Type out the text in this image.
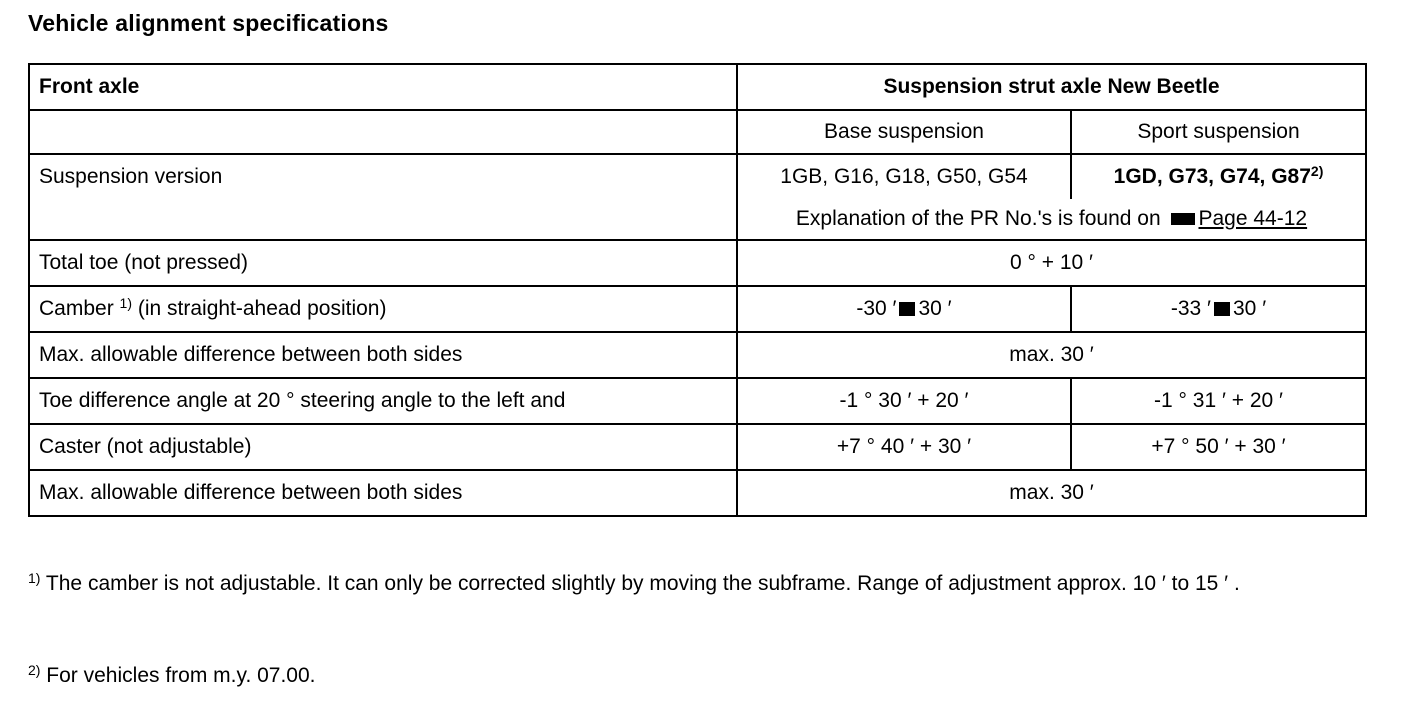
Vehicle alignment specifications
Front axle	Suspension strut axle New Beetle	
	Base suspension	Sport suspension
Suspension version	1GB, G16, G18, G50, G54	1GD, G73, G74, G87$^{2)}$
	Explanation of the PR No.'s is found on Page 44-12	
Total toe (not pressed)	0 ° + 10 ′	
Camber $^{1)}$ (in straight-ahead position)	-30 ′ 30 ′	-33 ′ 30 ′
Max. allowable difference between both sides	max. 30 ′	
Toe difference angle at 20 ° steering angle to the left and	-1 ° 30 ′ + 20 ′	-1 ° 31 ′ + 20 ′
Caster (not adjustable)	+7 ° 40 ′ + 30 ′	+7 ° 50 ′ + 30 ′
Max. allowable difference between both sides	max. 30 ′	
$^{1)}$ The camber is not adjustable. It can only be corrected slightly by moving the subframe. Range of adjustment approx. 10 ′ to 15 ′ .
$^{2)}$ For vehicles from m.y. 07.00.
